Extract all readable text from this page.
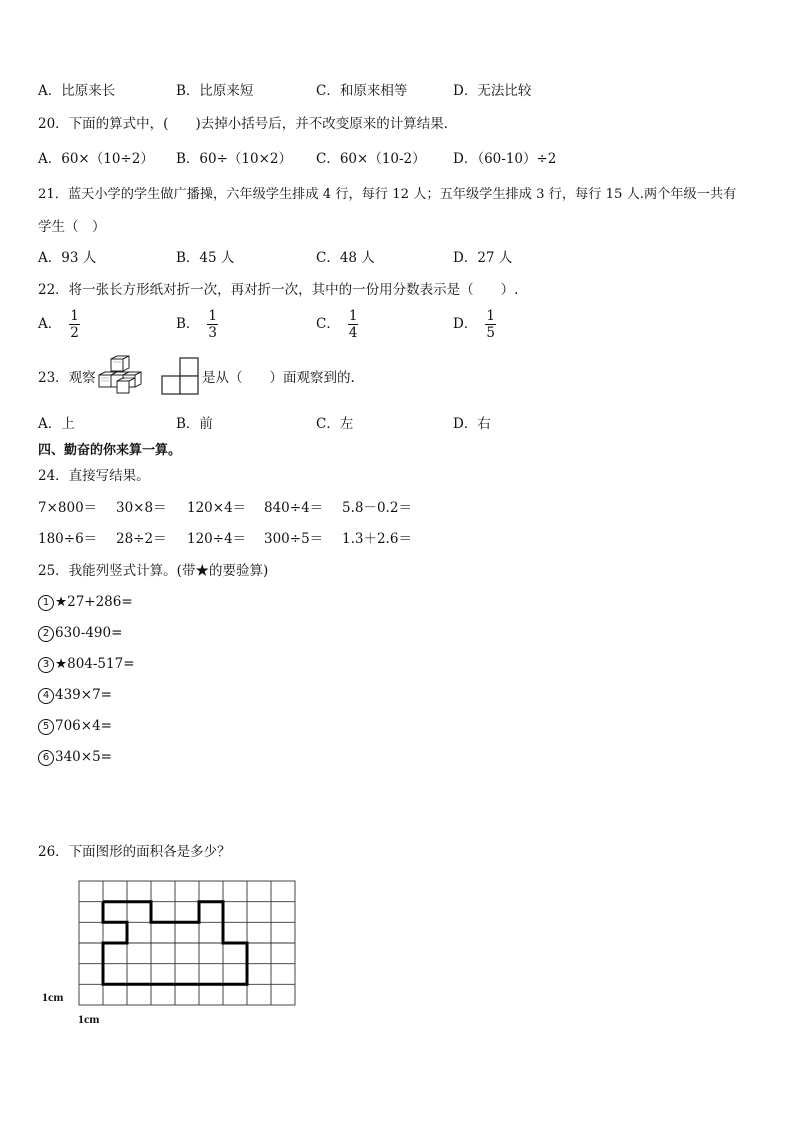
A．比原来长	B．比原来短	C．和原来相等	D．无法比较
20．下面的算式中，(　　)去掉小括号后，并不改变原来的计算结果．
A．60×（10÷2） B．60÷（10×2） C．60×（10-2） D．（60-10）÷2
21．蓝天小学的学生做广播操，六年级学生排成 4 行，每行 12 人；五年级学生排成 3 行，每行 15 人.两个年级一共有
学生（　）
A．93 人	B．45 人	C．48 人	D．27 人
22．将一张长方形纸对折一次，再对折一次，其中的一份用分数表示是（　　）.
A． $\frac{1}{2}$	B． $\frac{1}{3}$	C． $\frac{1}{4}$	D． $\frac{1}{5}$
23．观察	是从（　　）面观察到的.
A．上	B．前	C．左	D．右
四、勤奋的你来算一算。
24．直接写结果。
7×800＝ 30×8＝ 120×4＝ 840÷4＝ 5.8－0.2＝
180÷6＝ 28÷2＝ 120÷4＝ 300÷5＝ 1.3＋2.6＝
25．我能列竖式计算。(带★的要验算)
1 ★27+286=
2 630-490=
3 ★804-517=
4 439×7=
5 706×4=
6 340×5=
26．下面图形的面积各是多少？
1cm
1cm
